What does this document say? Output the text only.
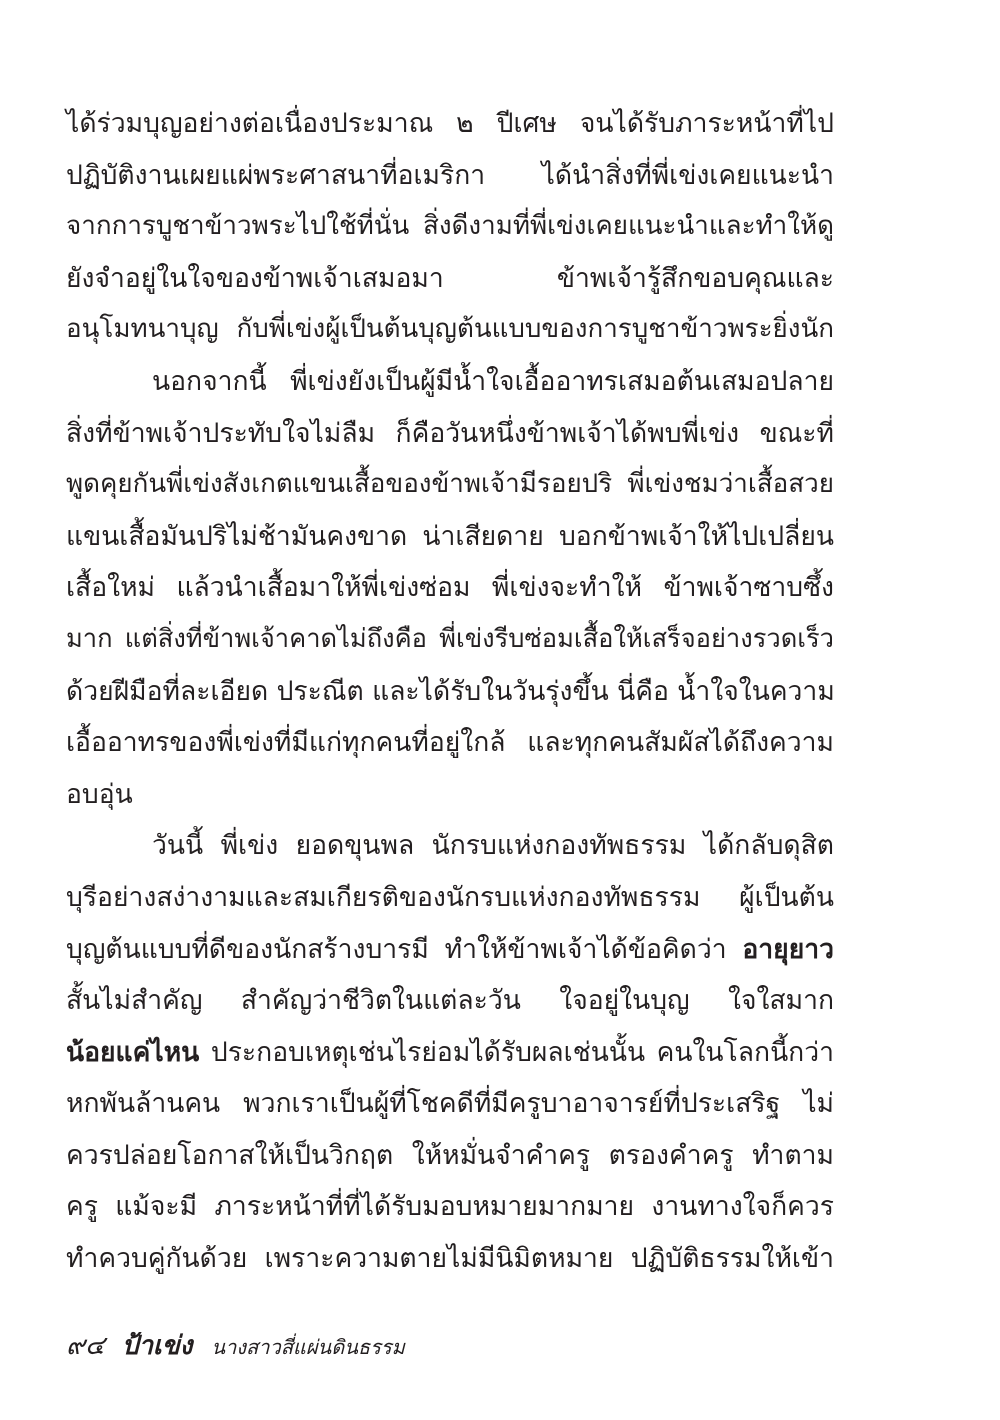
ได้ร่วมบุญอย่างต่อเนื่องประมาณ ๒ ปีเศษ จนได้รับภาระหน้าที่ไป
ปฏิบัติงานเผยแผ่พระศาสนาที่อเมริกา ได้นำสิ่งที่พี่เข่งเคยแนะนำ
จากการบูชาข้าวพระไปใช้ที่นั่น สิ่งดีงามที่พี่เข่งเคยแนะนำและทำให้ดู
ยังจำอยู่ในใจของข้าพเจ้าเสมอมา ข้าพเจ้ารู้สึกขอบคุณและ
อนุโมทนาบุญ กับพี่เข่งผู้เป็นต้นบุญต้นแบบของการบูชาข้าวพระยิ่งนัก
นอกจากนี้ พี่เข่งยังเป็นผู้มีน้ำใจเอื้ออาทรเสมอต้นเสมอปลาย
สิ่งที่ข้าพเจ้าประทับใจไม่ลืม ก็คือวันหนึ่งข้าพเจ้าได้พบพี่เข่ง ขณะที่
พูดคุยกันพี่เข่งสังเกตแขนเสื้อของข้าพเจ้ามีรอยปริ พี่เข่งชมว่าเสื้อสวย
แขนเสื้อมันปริไม่ช้ามันคงขาด น่าเสียดาย บอกข้าพเจ้าให้ไปเปลี่ยน
เสื้อใหม่ แล้วนำเสื้อมาให้พี่เข่งซ่อม พี่เข่งจะทำให้ ข้าพเจ้าซาบซึ้ง
มาก แต่สิ่งที่ข้าพเจ้าคาดไม่ถึงคือ พี่เข่งรีบซ่อมเสื้อให้เสร็จอย่างรวดเร็ว
ด้วยฝีมือที่ละเอียด ประณีต และได้รับในวันรุ่งขึ้น นี่คือ น้ำใจในความ
เอื้ออาทรของพี่เข่งที่มีแก่ทุกคนที่อยู่ใกล้ และทุกคนสัมผัสได้ถึงความ
อบอุ่น
วันนี้ พี่เข่ง ยอดขุนพล นักรบแห่งกองทัพธรรม ได้กลับดุสิต
บุรีอย่างสง่างามและสมเกียรติของนักรบแห่งกองทัพธรรม ผู้เป็นต้น
บุญต้นแบบที่ดีของนักสร้างบารมี ทำให้ข้าพเจ้าได้ข้อคิดว่า อายุยาว
สั้นไม่สำคัญ สำคัญว่าชีวิตในแต่ละวัน ใจอยู่ในบุญ ใจใสมาก
น้อยแค่ไหน ประกอบเหตุเช่นไรย่อมได้รับผลเช่นนั้น คนในโลกนี้กว่า
หกพันล้านคน พวกเราเป็นผู้ที่โชคดีที่มีครูบาอาจารย์ที่ประเสริฐ ไม่
ควรปล่อยโอกาสให้เป็นวิกฤต ให้หมั่นจำคำครู ตรองคำครู ทำตาม
ครู แม้จะมี ภาระหน้าที่ที่ได้รับมอบหมายมากมาย งานทางใจก็ควร
ทำควบคู่กันด้วย เพราะความตายไม่มีนิมิตหมาย ปฏิบัติธรรมให้เข้า
๙๔ ป้าเข่ง นางสาวสี่แผ่นดินธรรม
